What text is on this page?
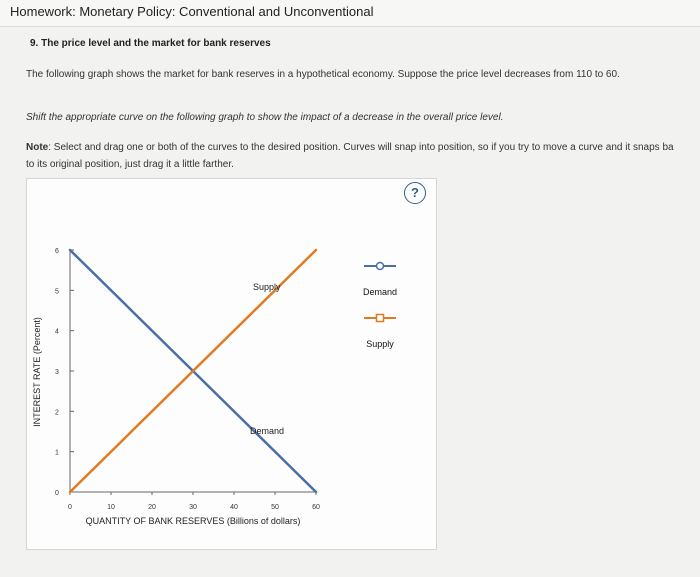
Homework: Monetary Policy: Conventional and Unconventional
9. The price level and the market for bank reserves
The following graph shows the market for bank reserves in a hypothetical economy. Suppose the price level decreases from 110 to 60.
Shift the appropriate curve on the following graph to show the impact of a decrease in the overall price level.
Note: Select and drag one or both of the curves to the desired position. Curves will snap into position, so if you try to move a curve and it snaps ba
to its original position, just drag it a little farther.
?
INTEREST RATE (Percent)
QUANTITY OF BANK RESERVES (Billions of dollars)
0	10	20	30	40	50	60
0
1
2
3
4
5
6
Supply
Demand
Demand
Supply
